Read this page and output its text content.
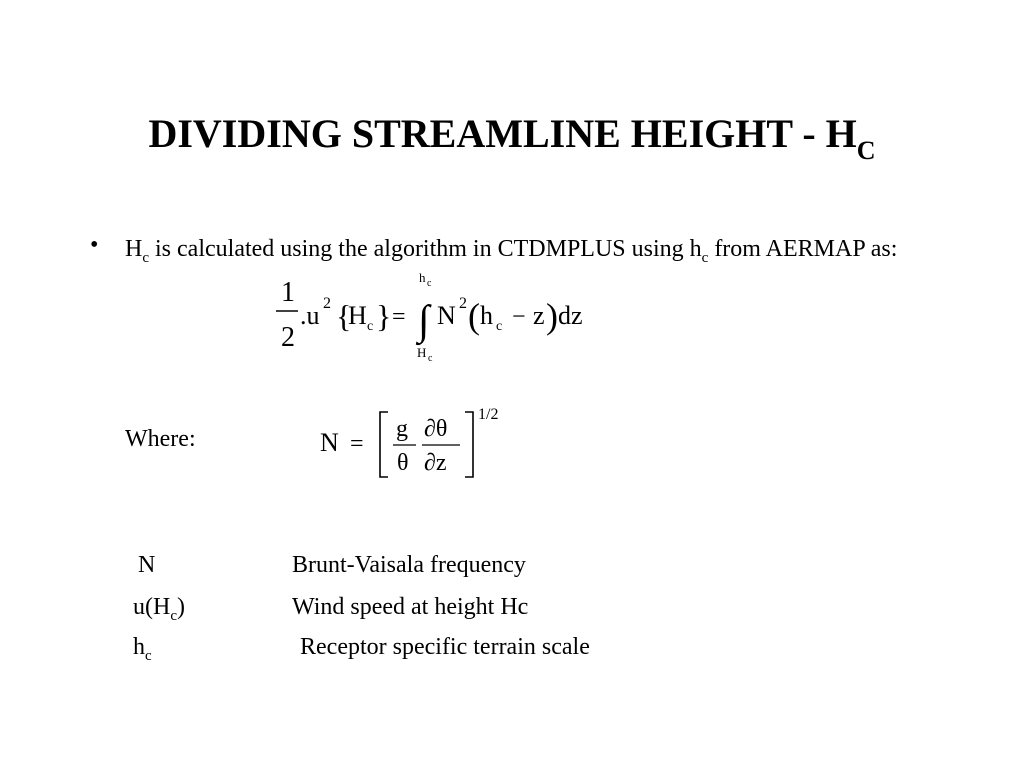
DIVIDING STREAMLINE HEIGHT - $H_C$
• $H_c$ is calculated using the algorithm in CTDMPLUS using $h_c$ from AERMAP as:
1
2
.u 2 {
H c } =
h c
∫
H c
N 2 ( h c − z ) dz
Where:	N =
g
θ
∂θ
∂z
1/2
N	Brunt-Vaisala frequency
$u(H_c)$	Wind speed at height Hc
$h_c$	Receptor specific terrain scale
